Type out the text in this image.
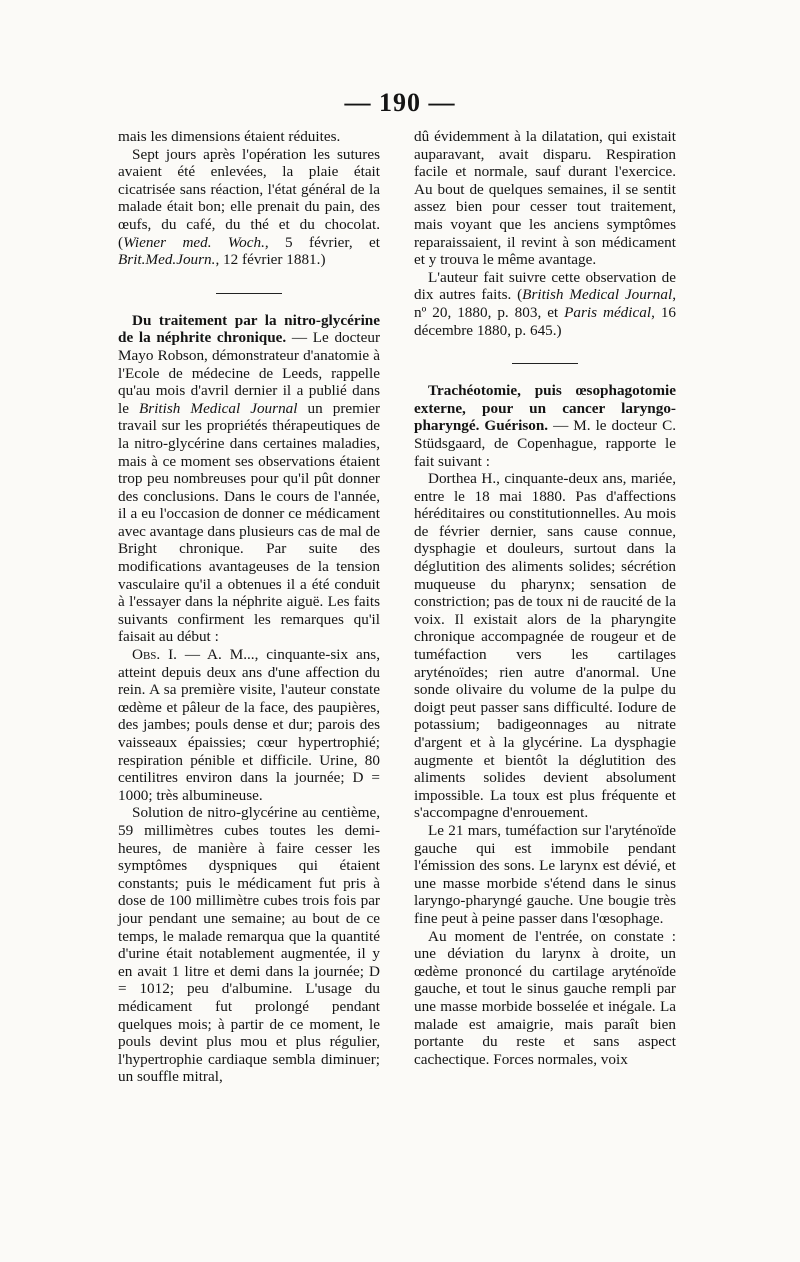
— 190 —

mais les dimensions étaient réduites.

Sept jours après l'opération les sutures avaient été enlevées, la plaie était cicatrisée sans réaction, l'état général de la malade était bon; elle prenait du pain, des œufs, du café, du thé et du chocolat. (Wiener med. Woch., 5 février, et Brit.Med.Journ., 12 février 1881.)

Du traitement par la nitro-glycérine de la néphrite chronique. — Le docteur Mayo Robson, démonstrateur d'anatomie à l'Ecole de médecine de Leeds, rappelle qu'au mois d'avril dernier il a publié dans le British Medical Journal un premier travail sur les propriétés thérapeutiques de la nitro-glycérine dans certaines maladies, mais à ce moment ses observations étaient trop peu nombreuses pour qu'il pût donner des conclusions. Dans le cours de l'année, il a eu l'occasion de donner ce médicament avec avantage dans plusieurs cas de mal de Bright chronique. Par suite des modifications avantageuses de la tension vasculaire qu'il a obtenues il a été conduit à l'essayer dans la néphrite aiguë. Les faits suivants confirment les remarques qu'il faisait au début :

Obs. I. — A. M..., cinquante-six ans, atteint depuis deux ans d'une affection du rein. A sa première visite, l'auteur constate œdème et pâleur de la face, des paupières, des jambes; pouls dense et dur; parois des vaisseaux épaissies; cœur hypertrophié; respiration pénible et difficile. Urine, 80 centilitres environ dans la journée; D = 1000; très albumineuse.

Solution de nitro-glycérine au centième, 59 millimètres cubes toutes les demi-heures, de manière à faire cesser les symptômes dyspniques qui étaient constants; puis le médicament fut pris à dose de 100 millimètre cubes trois fois par jour pendant une semaine; au bout de ce temps, le malade remarqua que la quantité d'urine était notablement augmentée, il y en avait 1 litre et demi dans la journée; D = 1012; peu d'albumine. L'usage du médicament fut prolongé pendant quelques mois; à partir de ce moment, le pouls devint plus mou et plus régulier, l'hypertrophie cardiaque sembla diminuer; un souffle mitral,

dû évidemment à la dilatation, qui existait auparavant, avait disparu. Respiration facile et normale, sauf durant l'exercice. Au bout de quelques semaines, il se sentit assez bien pour cesser tout traitement, mais voyant que les anciens symptômes reparaissaient, il revint à son médicament et y trouva le même avantage.

L'auteur fait suivre cette observation de dix autres faits. (British Medical Journal, nº 20, 1880, p. 803, et Paris médical, 16 décembre 1880, p. 645.)

Trachéotomie, puis œsophagotomie externe, pour un cancer laryngo-pharyngé. Guérison. — M. le docteur C. Stüdsgaard, de Copenhague, rapporte le fait suivant :

Dorthea H., cinquante-deux ans, mariée, entre le 18 mai 1880. Pas d'affections héréditaires ou constitutionnelles. Au mois de février dernier, sans cause connue, dysphagie et douleurs, surtout dans la déglutition des aliments solides; sécrétion muqueuse du pharynx; sensation de constriction; pas de toux ni de raucité de la voix. Il existait alors de la pharyngite chronique accompagnée de rougeur et de tuméfaction vers les cartilages aryténoïdes; rien autre d'anormal. Une sonde olivaire du volume de la pulpe du doigt peut passer sans difficulté. Iodure de potassium; badigeonnages au nitrate d'argent et à la glycérine. La dysphagie augmente et bientôt la déglutition des aliments solides devient absolument impossible. La toux est plus fréquente et s'accompagne d'enrouement.

Le 21 mars, tuméfaction sur l'aryténoïde gauche qui est immobile pendant l'émission des sons. Le larynx est dévié, et une masse morbide s'étend dans le sinus laryngo-pharyngé gauche. Une bougie très fine peut à peine passer dans l'œsophage.

Au moment de l'entrée, on constate : une déviation du larynx à droite, un œdème prononcé du cartilage aryténoïde gauche, et tout le sinus gauche rempli par une masse morbide bosselée et inégale. La malade est amaigrie, mais paraît bien portante du reste et sans aspect cachectique. Forces normales, voix
